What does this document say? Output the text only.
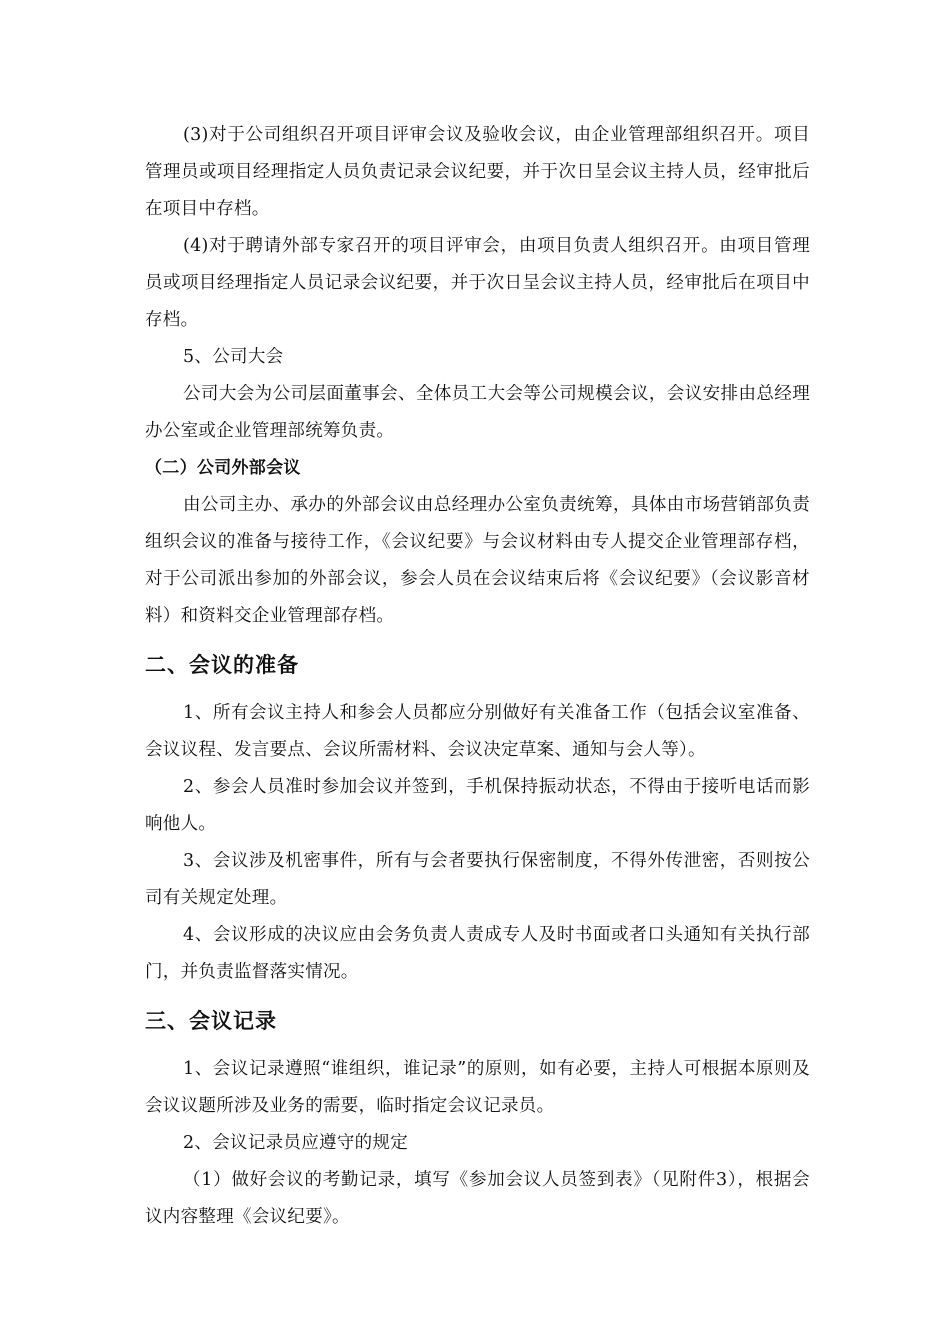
(3)对于公司组织召开项目评审会议及验收会议，由企业管理部组织召开。项目管理员或项目经理指定人员负责记录会议纪要，并于次日呈会议主持人员，经审批后在项目中存档。

(4)对于聘请外部专家召开的项目评审会，由项目负责人组织召开。由项目管理员或项目经理指定人员记录会议纪要，并于次日呈会议主持人员，经审批后在项目中存档。

5、公司大会

公司大会为公司层面董事会、全体员工大会等公司规模会议，会议安排由总经理办公室或企业管理部统筹负责。

（二）公司外部会议

由公司主办、承办的外部会议由总经理办公室负责统筹，具体由市场营销部负责组织会议的准备与接待工作，《会议纪要》与会议材料由专人提交企业管理部存档，对于公司派出参加的外部会议，参会人员在会议结束后将《会议纪要》（会议影音材料）和资料交企业管理部存档。

二、会议的准备

1、所有会议主持人和参会人员都应分别做好有关准备工作（包括会议室准备、会议议程、发言要点、会议所需材料、会议决定草案、通知与会人等）。

2、参会人员准时参加会议并签到，手机保持振动状态，不得由于接听电话而影响他人。

3、会议涉及机密事件，所有与会者要执行保密制度，不得外传泄密，否则按公司有关规定处理。

4、会议形成的决议应由会务负责人责成专人及时书面或者口头通知有关执行部门，并负责监督落实情况。

三、会议记录

1、会议记录遵照“谁组织，谁记录”的原则，如有必要，主持人可根据本原则及会议议题所涉及业务的需要，临时指定会议记录员。

2、会议记录员应遵守的规定

（1）做好会议的考勤记录，填写《参加会议人员签到表》（见附件3），根据会议内容整理《会议纪要》。
